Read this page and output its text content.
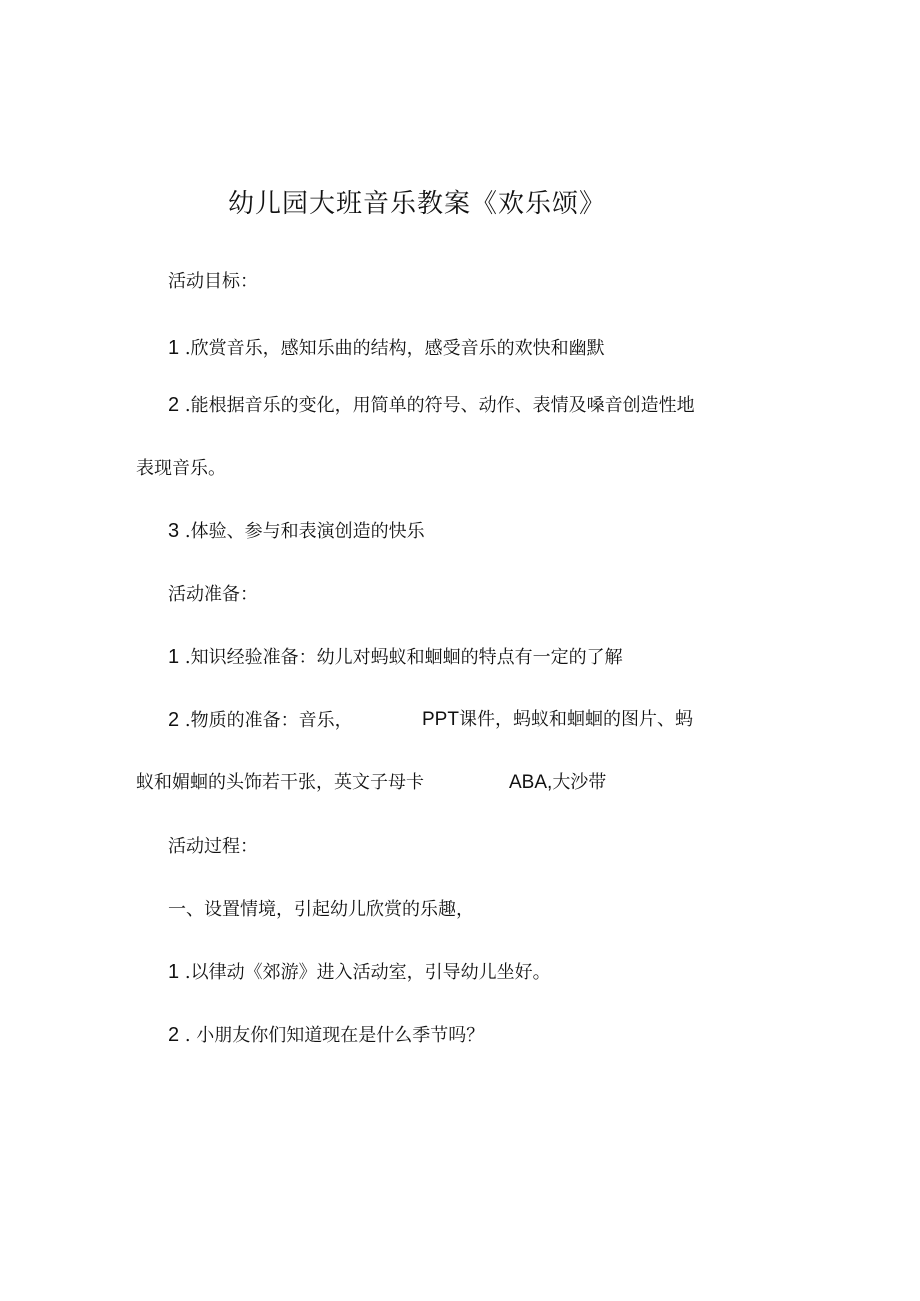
幼儿园大班音乐教案《欢乐颂》

活动目标：

1 .欣赏音乐，感知乐曲的结构，感受音乐的欢快和幽默

2 .能根据音乐的变化，用简单的符号、动作、表情及嗓音创造性地

表现音乐。

3 .体验、参与和表演创造的快乐

活动准备：

1 .知识经验准备：幼儿对蚂蚁和蛔蛔的特点有一定的了解

2 .物质的准备：音乐，	PPT课件，蚂蚁和蛔蛔的图片、蚂

蚁和媚蛔的头饰若干张，英文子母卡	ABA,大沙带

活动过程：

一、设置情境，引起幼儿欣赏的乐趣，

1 .以律动《郊游》进入活动室，引导幼儿坐好。

2 . 小朋友你们知道现在是什么季节吗？
